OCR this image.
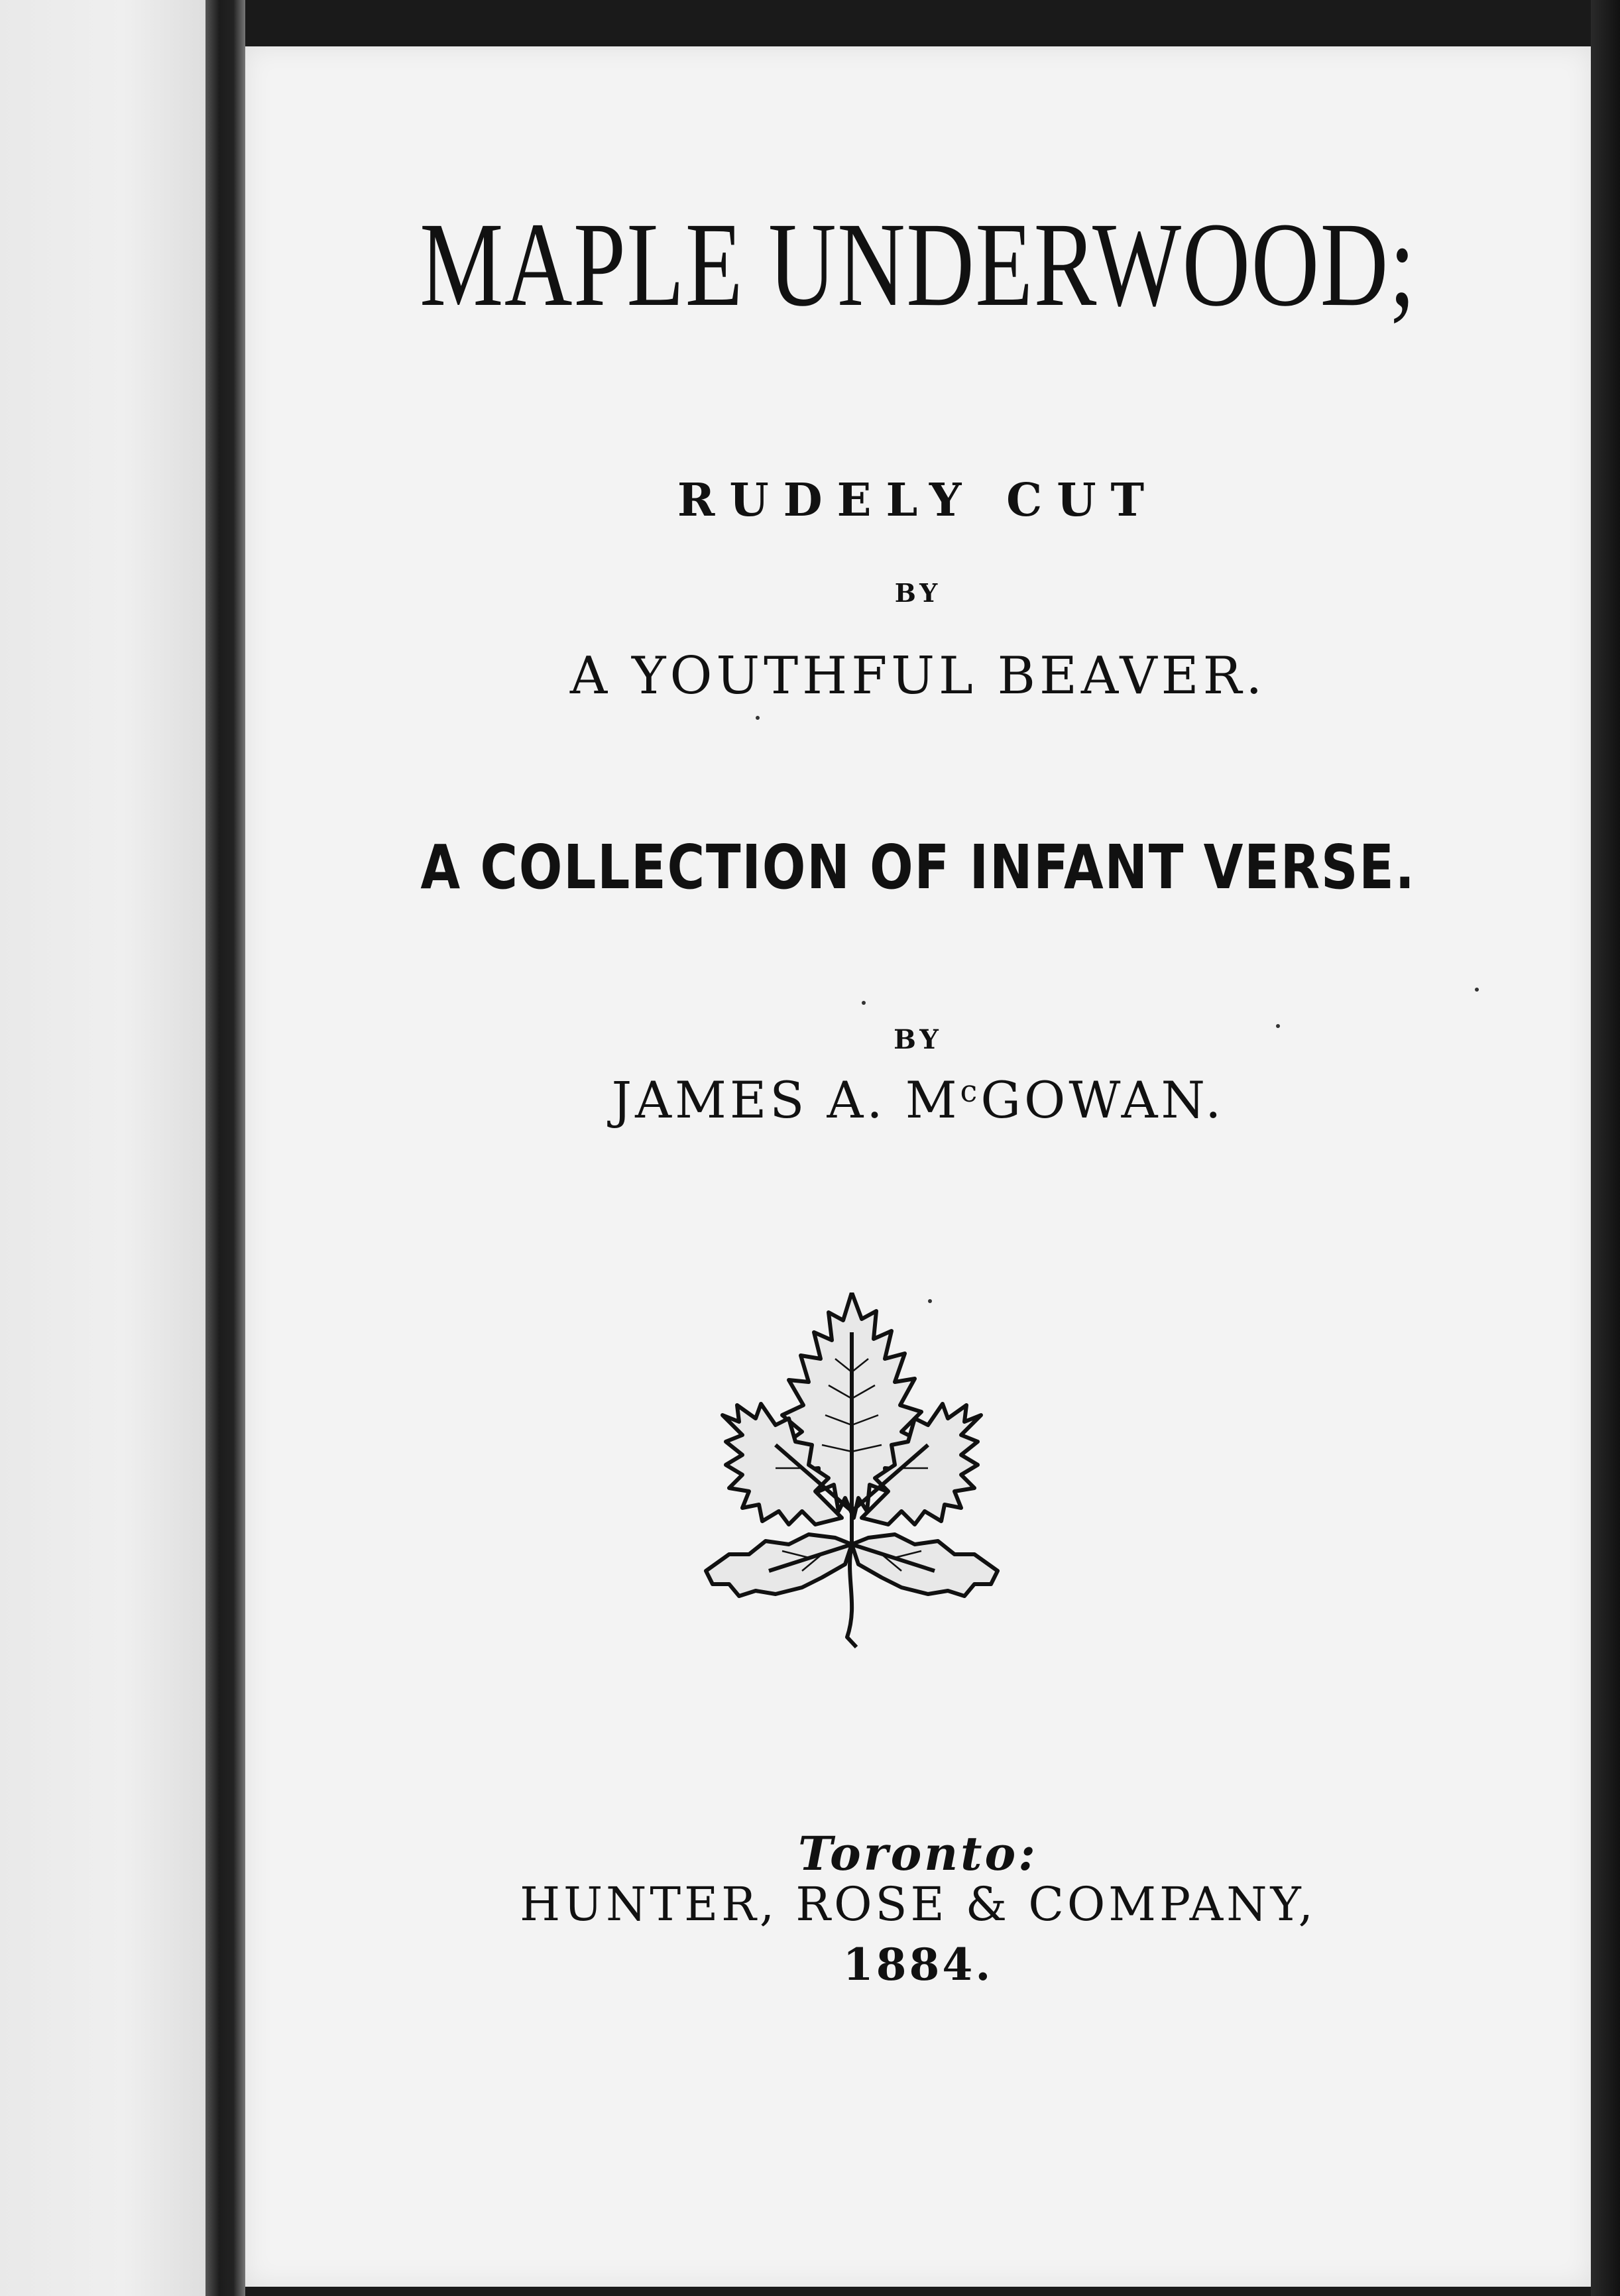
MAPLE UNDERWOOD;
RUDELY CUT
BY
A YOUTHFUL BEAVER.
A COLLECTION OF INFANT VERSE.
BY
JAMES A. $M^cGOWAN$.
Toronto:
HUNTER, ROSE & COMPANY,
1884.
